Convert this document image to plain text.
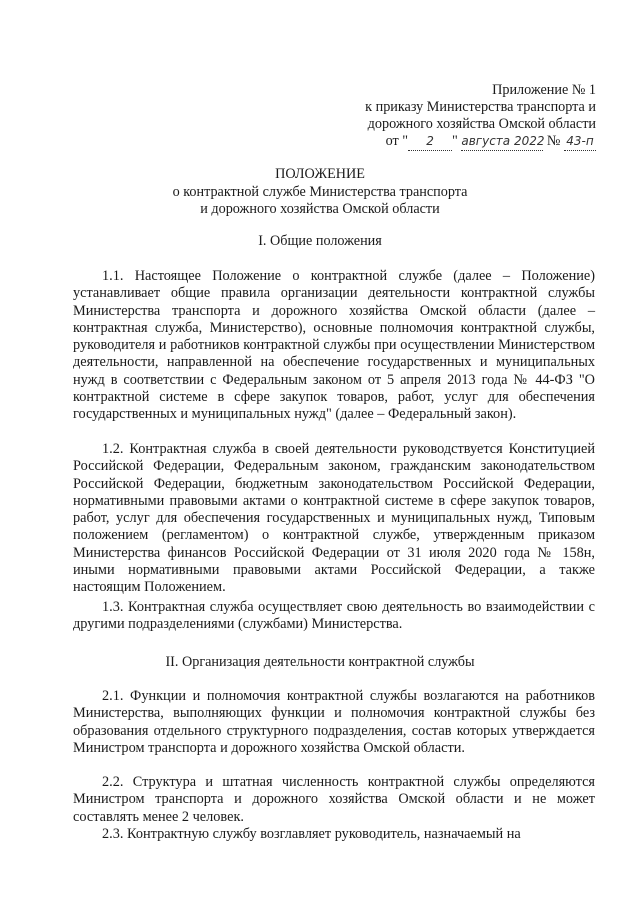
Приложение № 1
к приказу Министерства транспорта и
дорожного хозяйства Омской области
от " 2 " августа 2022 № 43-п
ПОЛОЖЕНИЕ
о контрактной службе Министерства транспорта
и дорожного хозяйства Омской области
I. Общие положения

1.1. Настоящее Положение о контрактной службе (далее – Положение) устанавливает общие правила организации деятельности контрактной службы Министерства транспорта и дорожного хозяйства Омской области (далее – контрактная служба, Министерство), основные полномочия контрактной службы, руководителя и работников контрактной службы при осуществлении Министерством деятельности, направленной на обеспечение государственных и муниципальных нужд в соответствии с Федеральным законом от 5 апреля 2013 года № 44-ФЗ "О контрактной системе в сфере закупок товаров, работ, услуг для обеспечения государственных и муниципальных нужд" (далее – Федеральный закон).

1.2. Контрактная служба в своей деятельности руководствуется Конституцией Российской Федерации, Федеральным законом, гражданским законодательством Российской Федерации, бюджетным законодательством Российской Федерации, нормативными правовыми актами о контрактной системе в сфере закупок товаров, работ, услуг для обеспечения государственных и муниципальных нужд, Типовым положением (регламентом) о контрактной службе, утвержденным приказом Министерства финансов Российской Федерации от 31 июля 2020 года № 158н, иными нормативными правовыми актами Российской Федерации, а также настоящим Положением.

1.3. Контрактная служба осуществляет свою деятельность во взаимодействии с другими подразделениями (службами) Министерства.

II. Организация деятельности контрактной службы

2.1. Функции и полномочия контрактной службы возлагаются на работников Министерства, выполняющих функции и полномочия контрактной службы без образования отдельного структурного подразделения, состав которых утверждается Министром транспорта и дорожного хозяйства Омской области.

2.2. Структура и штатная численность контрактной службы определяются Министром транспорта и дорожного хозяйства Омской области и не может составлять менее 2 человек.

2.3. Контрактную службу возглавляет руководитель, назначаемый на
